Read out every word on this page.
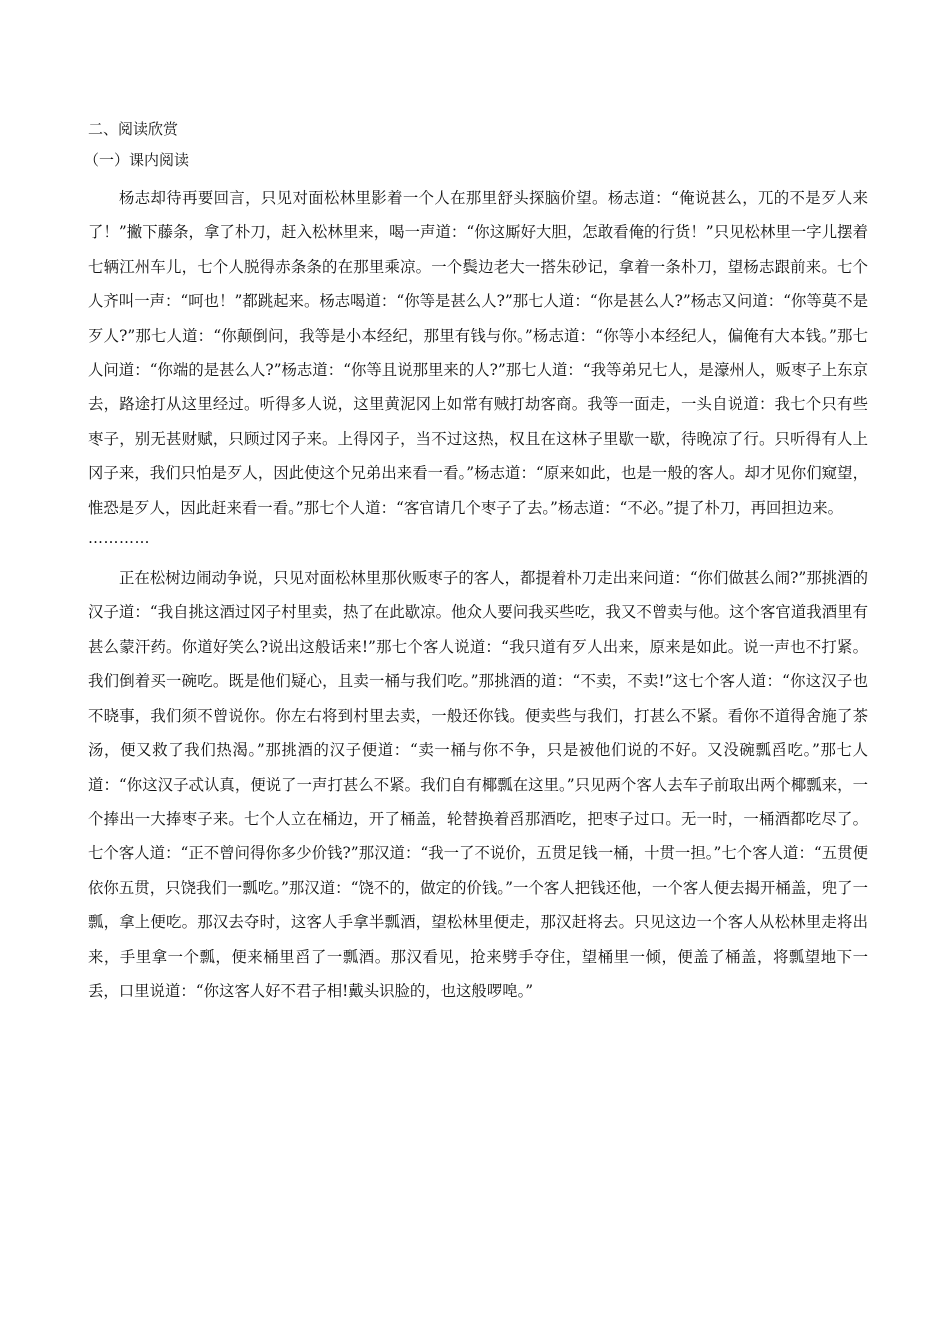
二、阅读欣赏
（一）课内阅读

杨志却待再要回言，只见对面松林里影着一个人在那里舒头探脑价望。杨志道：“俺说甚么，兀的不是歹人来了！”撇下藤条，拿了朴刀，赶入松林里来，喝一声道：“你这厮好大胆，怎敢看俺的行货！”只见松林里一字儿摆着七辆江州车儿，七个人脱得赤条条的在那里乘凉。一个鬓边老大一搭朱砂记，拿着一条朴刀，望杨志跟前来。七个人齐叫一声：“呵也！”都跳起来。杨志喝道：“你等是甚么人?”那七人道：“你是甚么人?”杨志又问道：“你等莫不是歹人?”那七人道：“你颠倒问，我等是小本经纪，那里有钱与你。”杨志道：“你等小本经纪人，偏俺有大本钱。”那七人问道：“你端的是甚么人?”杨志道：“你等且说那里来的人?”那七人道：“我等弟兄七人，是濠州人，贩枣子上东京去，路途打从这里经过。听得多人说，这里黄泥冈上如常有贼打劫客商。我等一面走，一头自说道：我七个只有些枣子，别无甚财赋，只顾过冈子来。上得冈子，当不过这热，权且在这林子里歇一歇，待晚凉了行。只听得有人上冈子来，我们只怕是歹人，因此使这个兄弟出来看一看。”杨志道：“原来如此，也是一般的客人。却才见你们窥望，惟恐是歹人，因此赶来看一看。”那七个人道：“客官请几个枣子了去。”杨志道：“不必。”提了朴刀，再回担边来。

…………

正在松树边闹动争说，只见对面松林里那伙贩枣子的客人，都提着朴刀走出来问道：“你们做甚么闹?”那挑酒的汉子道：“我自挑这酒过冈子村里卖，热了在此歇凉。他众人要问我买些吃，我又不曾卖与他。这个客官道我酒里有甚么蒙汗药。你道好笑么?说出这般话来!”那七个客人说道：“我只道有歹人出来，原来是如此。说一声也不打紧。我们倒着买一碗吃。既是他们疑心，且卖一桶与我们吃。”那挑酒的道：“不卖，不卖!”这七个客人道：“你这汉子也不晓事，我们须不曾说你。你左右将到村里去卖，一般还你钱。便卖些与我们，打甚么不紧。看你不道得舍施了茶汤，便又救了我们热渴。”那挑酒的汉子便道：“卖一桶与你不争，只是被他们说的不好。又没碗瓢舀吃。”那七人道：“你这汉子忒认真，便说了一声打甚么不紧。我们自有椰瓢在这里。”只见两个客人去车子前取出两个椰瓢来，一个捧出一大捧枣子来。七个人立在桶边，开了桶盖，轮替换着舀那酒吃，把枣子过口。无一时，一桶酒都吃尽了。七个客人道：“正不曾问得你多少价钱?”那汉道：“我一了不说价，五贯足钱一桶，十贯一担。”七个客人道：“五贯便依你五贯，只饶我们一瓢吃。”那汉道：“饶不的，做定的价钱。”一个客人把钱还他，一个客人便去揭开桶盖，兜了一瓢，拿上便吃。那汉去夺时，这客人手拿半瓢酒，望松林里便走，那汉赶将去。只见这边一个客人从松林里走将出来，手里拿一个瓢，便来桶里舀了一瓢酒。那汉看见，抢来劈手夺住，望桶里一倾，便盖了桶盖，将瓢望地下一丢，口里说道：“你这客人好不君子相!戴头识脸的，也这般啰唣。”
